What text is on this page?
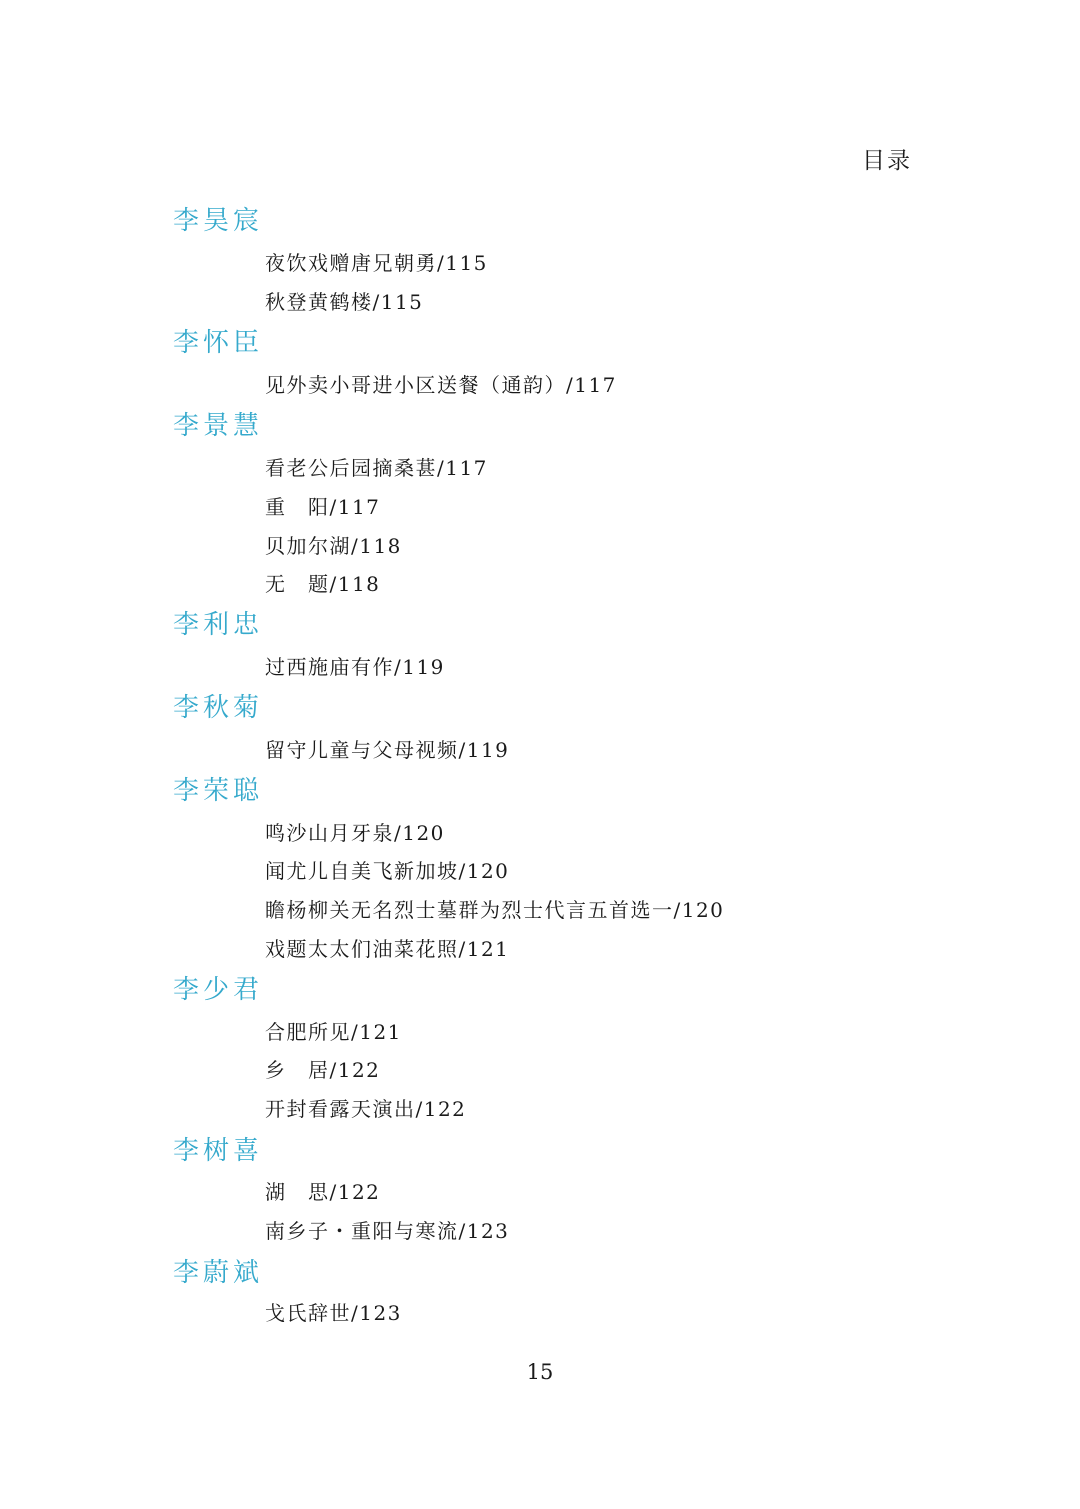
目录
李昊宸
夜饮戏赠唐兄朝勇/115
秋登黄鹤楼/115
李怀臣
见外卖小哥进小区送餐（通韵）/117
李景慧
看老公后园摘桑葚/117
重　阳/117
贝加尔湖/118
无　题/118
李利忠
过西施庙有作/119
李秋菊
留守儿童与父母视频/119
李荣聪
鸣沙山月牙泉/120
闻尤儿自美飞新加坡/120
瞻杨柳关无名烈士墓群为烈士代言五首选一/120
戏题太太们油菜花照/121
李少君
合肥所见/121
乡　居/122
开封看露天演出/122
李树喜
湖　思/122
南乡子・重阳与寒流/123
李蔚斌
戈氏辞世/123
15
